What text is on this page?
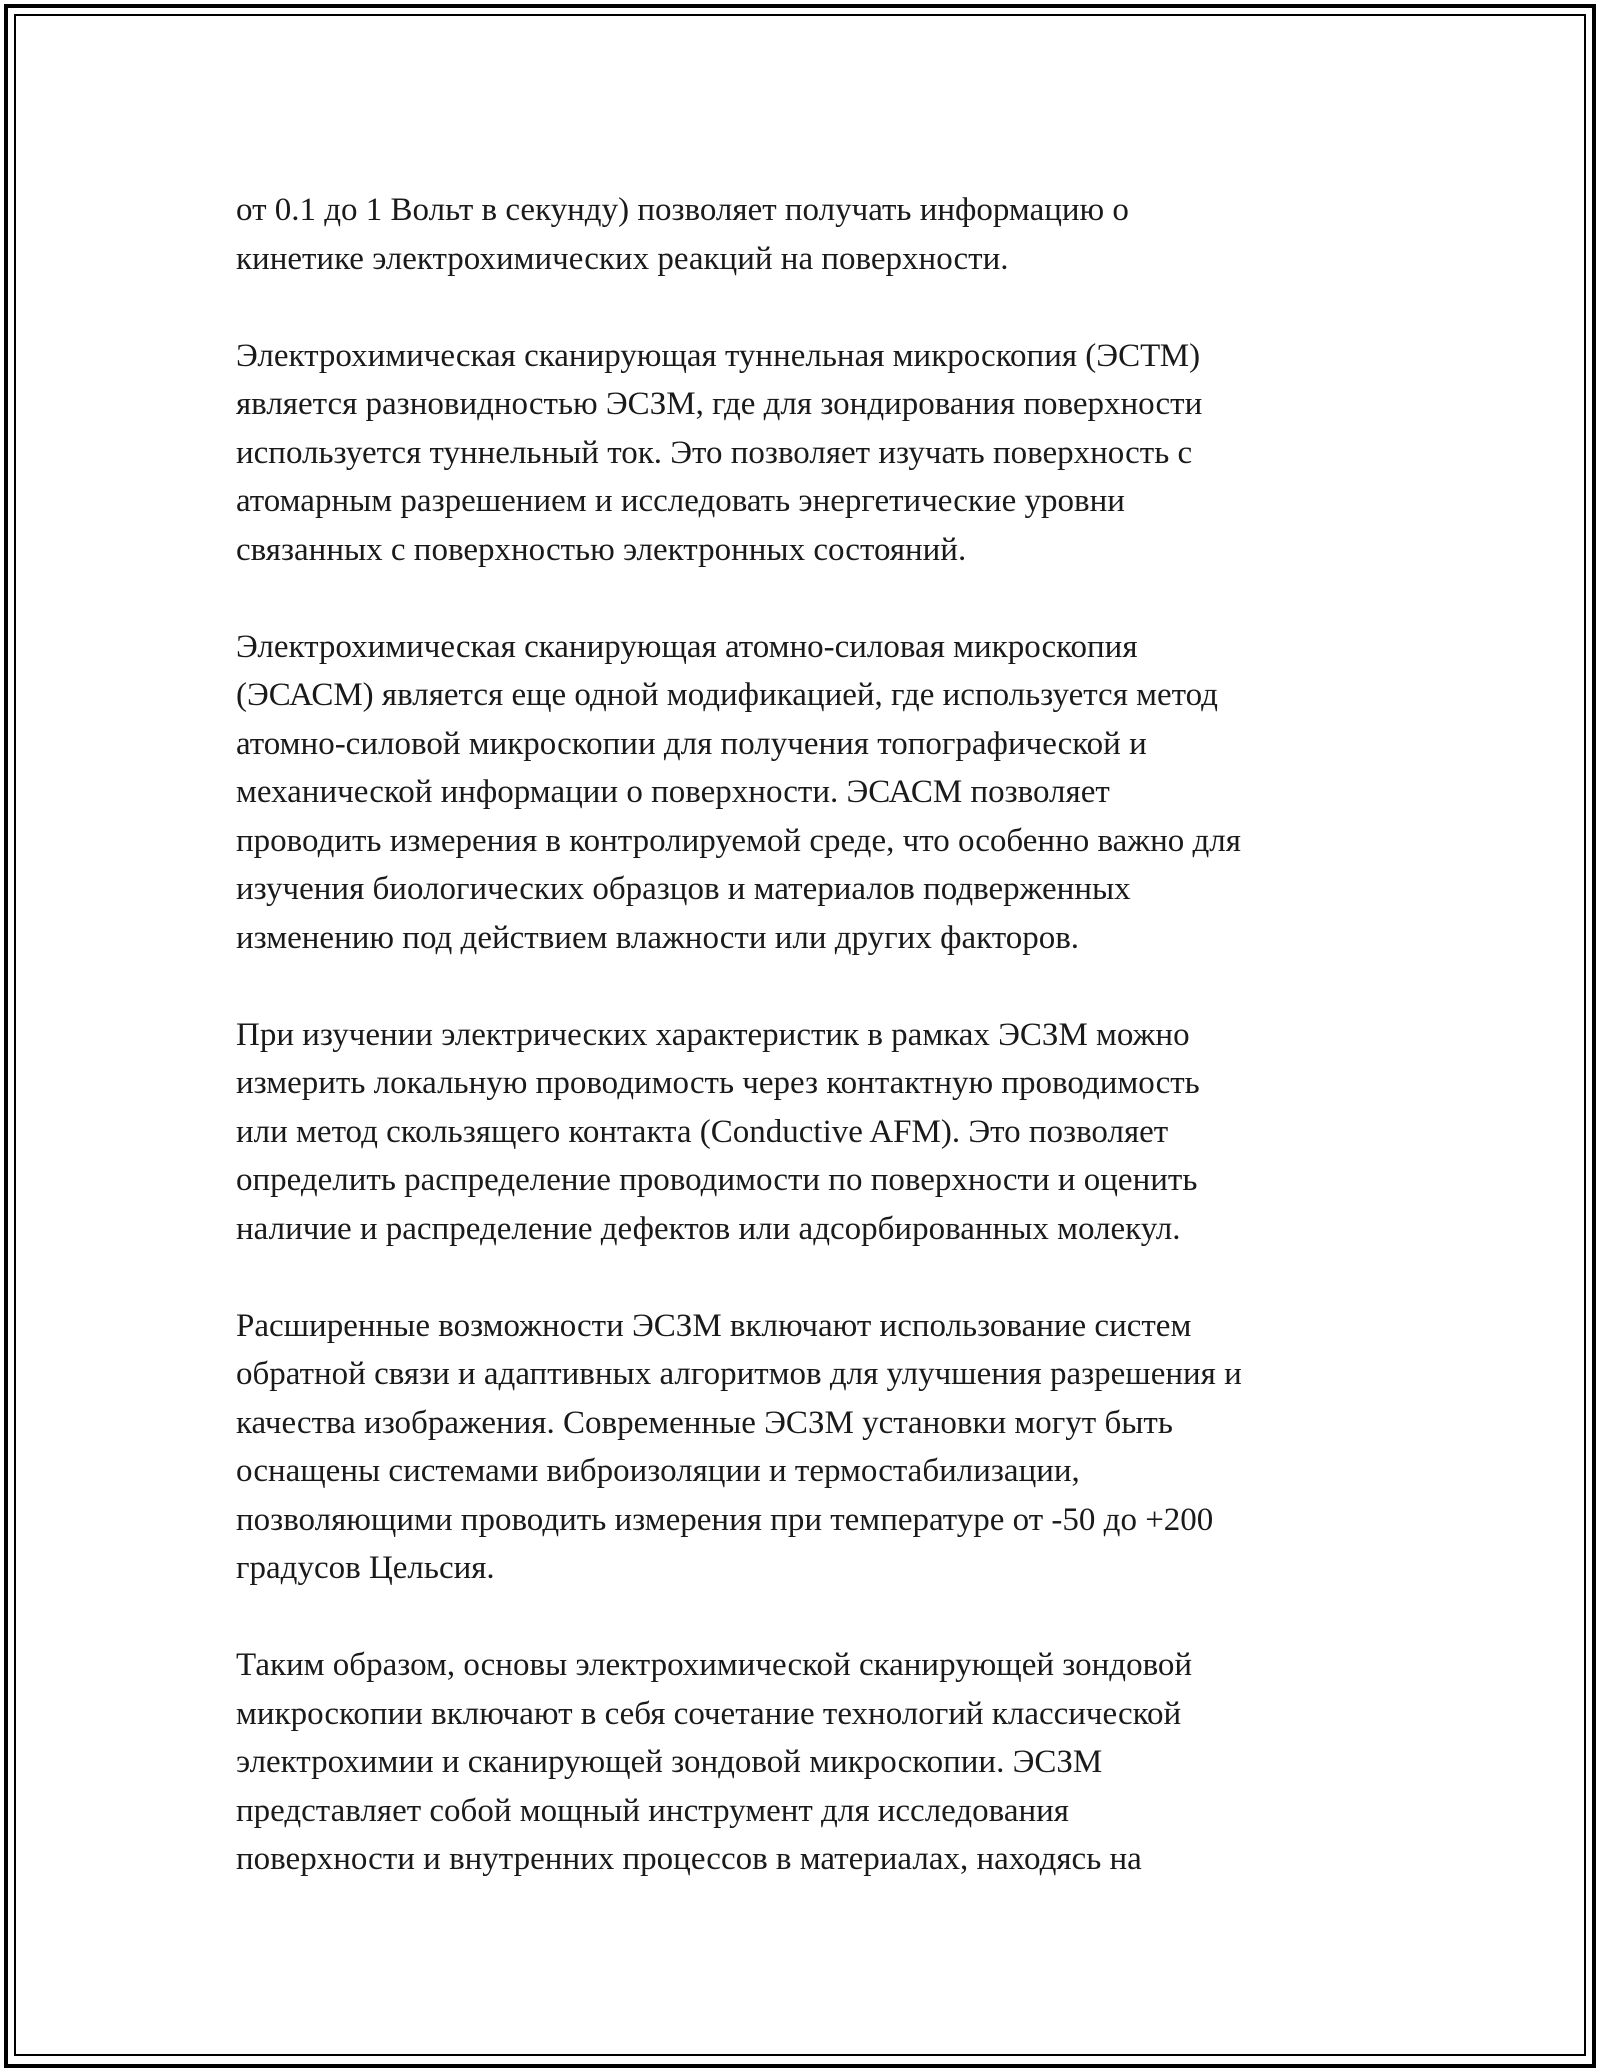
от 0.1 до 1 Вольт в секунду) позволяет получать информацию о
кинетике электрохимических реакций на поверхности.

Электрохимическая сканирующая туннельная микроскопия (ЭСТМ)
является разновидностью ЭСЗМ, где для зондирования поверхности
используется туннельный ток. Это позволяет изучать поверхность с
атомарным разрешением и исследовать энергетические уровни
связанных с поверхностью электронных состояний.

Электрохимическая сканирующая атомно-силовая микроскопия
(ЭСАСМ) является еще одной модификацией, где используется метод
атомно-силовой микроскопии для получения топографической и
механической информации о поверхности. ЭСАСМ позволяет
проводить измерения в контролируемой среде, что особенно важно для
изучения биологических образцов и материалов подверженных
изменению под действием влажности или других факторов.

При изучении электрических характеристик в рамках ЭСЗМ можно
измерить локальную проводимость через контактную проводимость
или метод скользящего контакта (Conductive AFM). Это позволяет
определить распределение проводимости по поверхности и оценить
наличие и распределение дефектов или адсорбированных молекул.

Расширенные возможности ЭСЗМ включают использование систем
обратной связи и адаптивных алгоритмов для улучшения разрешения и
качества изображения. Современные ЭСЗМ установки могут быть
оснащены системами виброизоляции и термостабилизации,
позволяющими проводить измерения при температуре от -50 до +200
градусов Цельсия.

Таким образом, основы электрохимической сканирующей зондовой
микроскопии включают в себя сочетание технологий классической
электрохимии и сканирующей зондовой микроскопии. ЭСЗМ
представляет собой мощный инструмент для исследования
поверхности и внутренних процессов в материалах, находясь на
